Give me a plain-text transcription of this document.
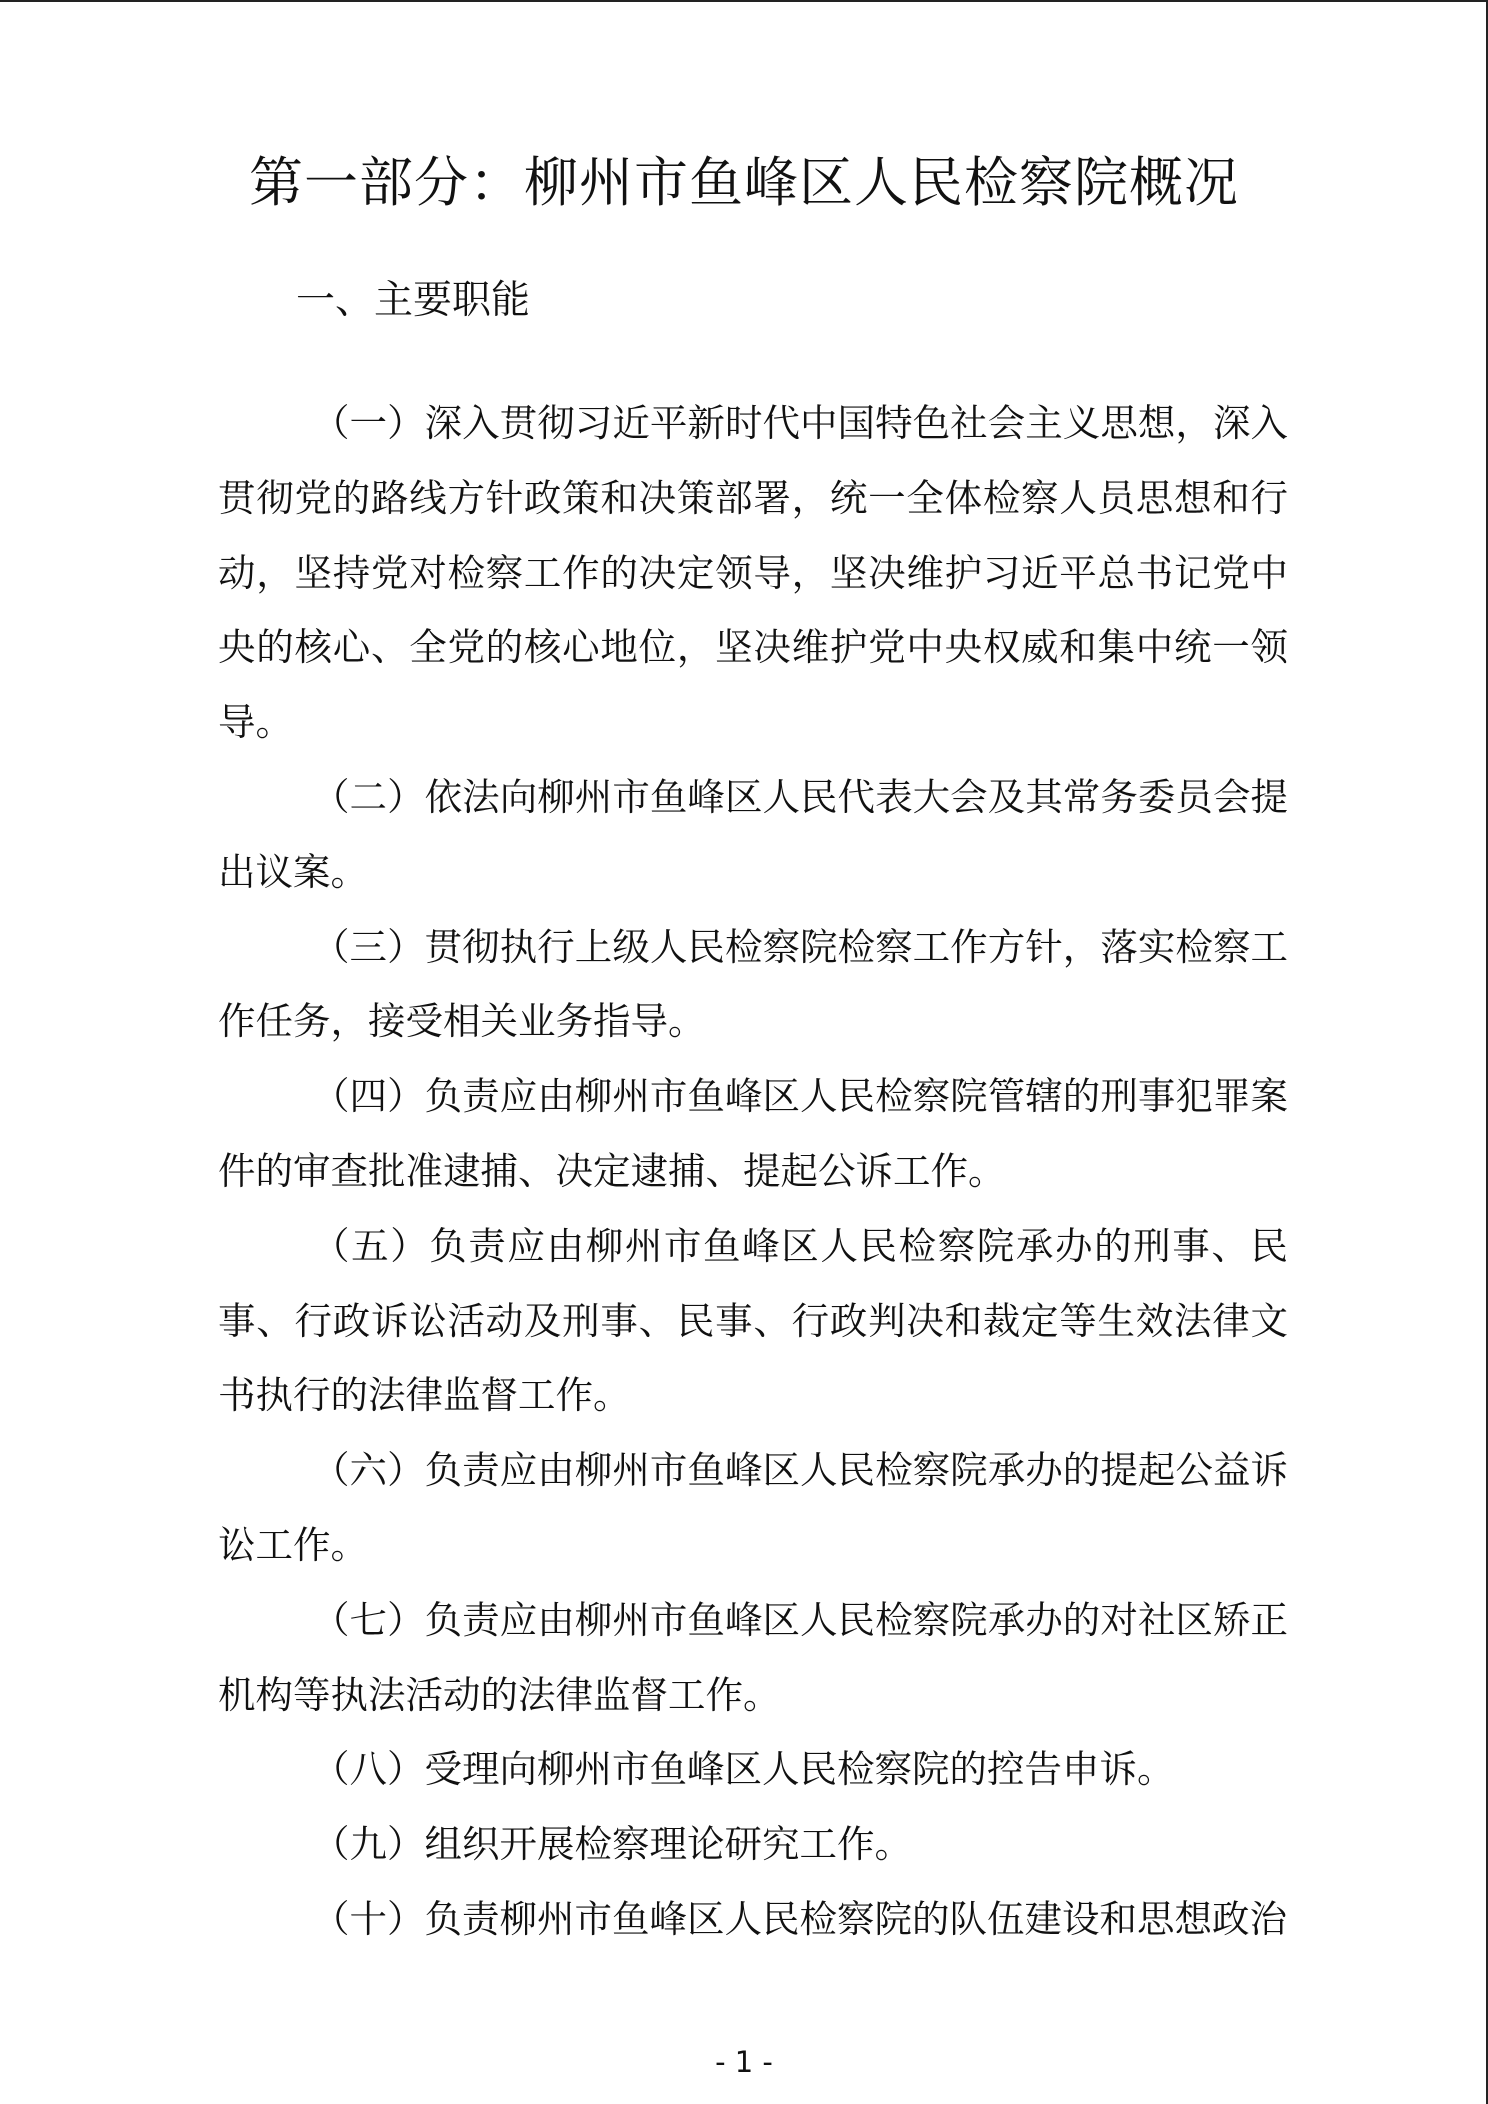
第一部分：柳州市鱼峰区人民检察院概况
一、主要职能

（一）深入贯彻习近平新时代中国特色社会主义思想，深入贯彻党的路线方针政策和决策部署，统一全体检察人员思想和行动，坚持党对检察工作的决定领导，坚决维护习近平总书记党中央的核心、全党的核心地位，坚决维护党中央权威和集中统一领导。

（二）依法向柳州市鱼峰区人民代表大会及其常务委员会提出议案。

（三）贯彻执行上级人民检察院检察工作方针，落实检察工作任务，接受相关业务指导。

（四）负责应由柳州市鱼峰区人民检察院管辖的刑事犯罪案件的审查批准逮捕、决定逮捕、提起公诉工作。

（五）负责应由柳州市鱼峰区人民检察院承办的刑事、民事、行政诉讼活动及刑事、民事、行政判决和裁定等生效法律文书执行的法律监督工作。

（六）负责应由柳州市鱼峰区人民检察院承办的提起公益诉讼工作。

（七）负责应由柳州市鱼峰区人民检察院承办的对社区矫正机构等执法活动的法律监督工作。

（八）受理向柳州市鱼峰区人民检察院的控告申诉。

（九）组织开展检察理论研究工作。

（十）负责柳州市鱼峰区人民检察院的队伍建设和思想政治

- 1 -
